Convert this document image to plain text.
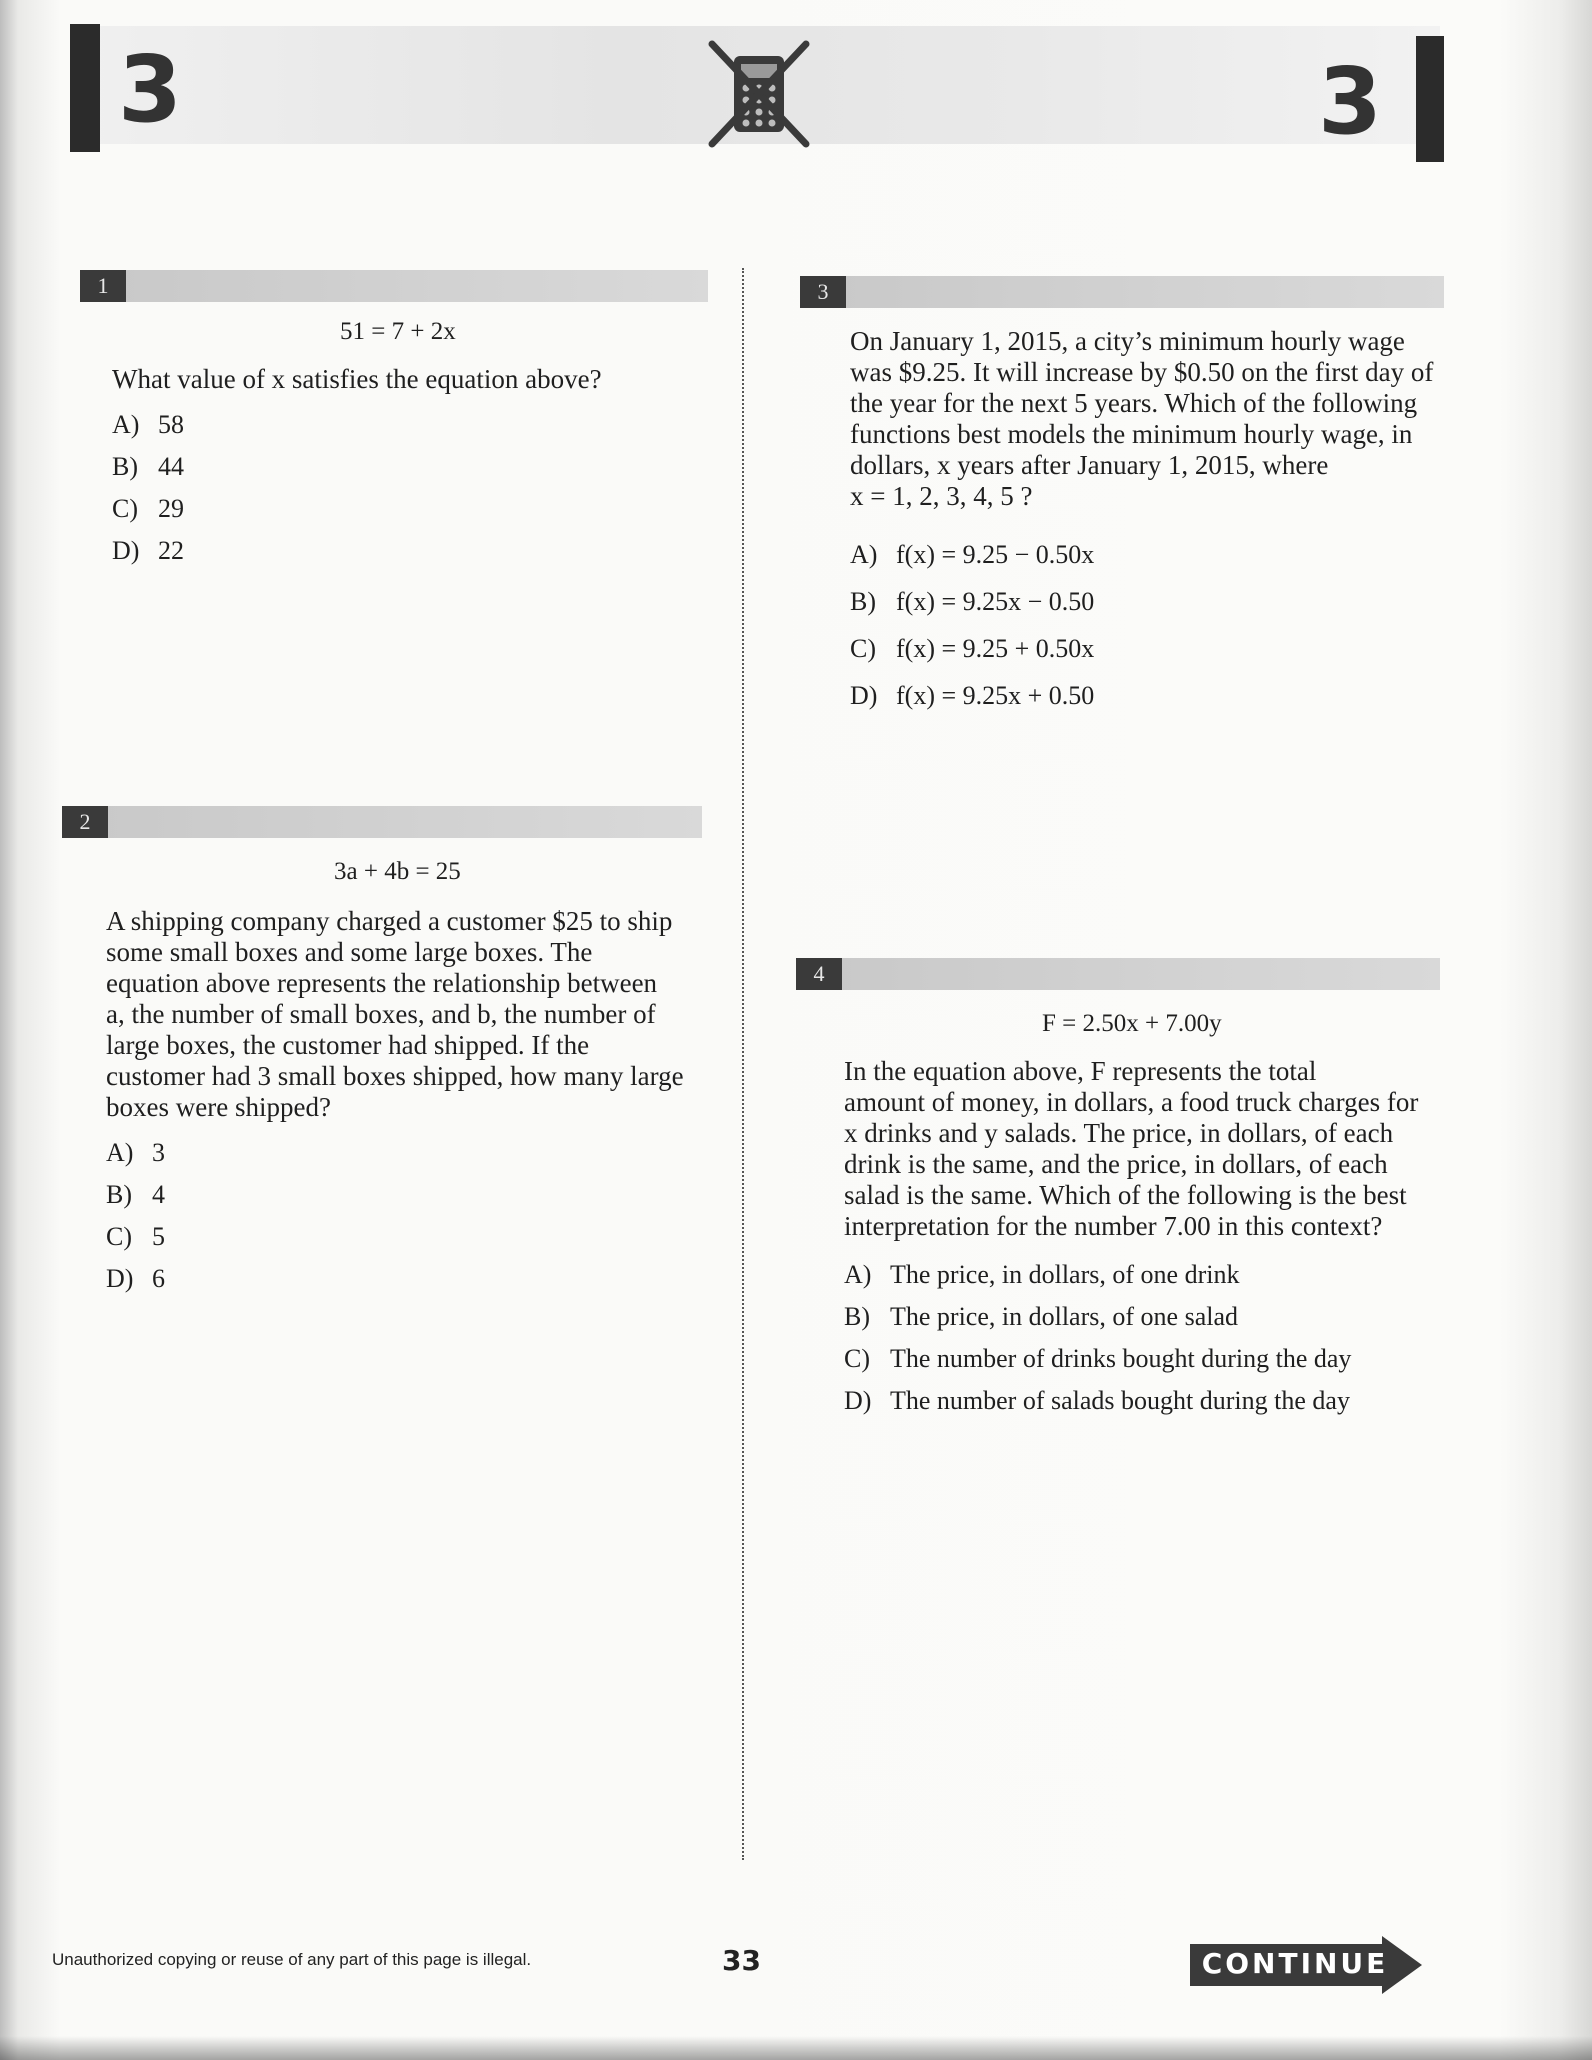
3	3
1
51 = 7 + 2x
What value of x satisfies the equation above?
A) 58
B) 44
C) 29
D) 22
2
3a + 4b = 25
A shipping company charged a customer $25 to ship
some small boxes and some large boxes. The
equation above represents the relationship between
a, the number of small boxes, and b, the number of
large boxes, the customer had shipped. If the
customer had 3 small boxes shipped, how many large
boxes were shipped?
A) 3
B) 4
C) 5
D) 6
3
On January 1, 2015, a city’s minimum hourly wage
was $9.25. It will increase by $0.50 on the first day of
the year for the next 5 years. Which of the following
functions best models the minimum hourly wage, in
dollars, x years after January 1, 2015, where
x = 1, 2, 3, 4, 5 ?
A) f(x) = 9.25 − 0.50x
B) f(x) = 9.25x − 0.50
C) f(x) = 9.25 + 0.50x
D) f(x) = 9.25x + 0.50
4
F = 2.50x + 7.00y
In the equation above, F represents the total
amount of money, in dollars, a food truck charges for
x drinks and y salads. The price, in dollars, of each
drink is the same, and the price, in dollars, of each
salad is the same. Which of the following is the best
interpretation for the number 7.00 in this context?
A) The price, in dollars, of one drink
B) The price, in dollars, of one salad
C) The number of drinks bought during the day
D) The number of salads bought during the day
Unauthorized copying or reuse of any part of this page is illegal.	33	CONTINUE
